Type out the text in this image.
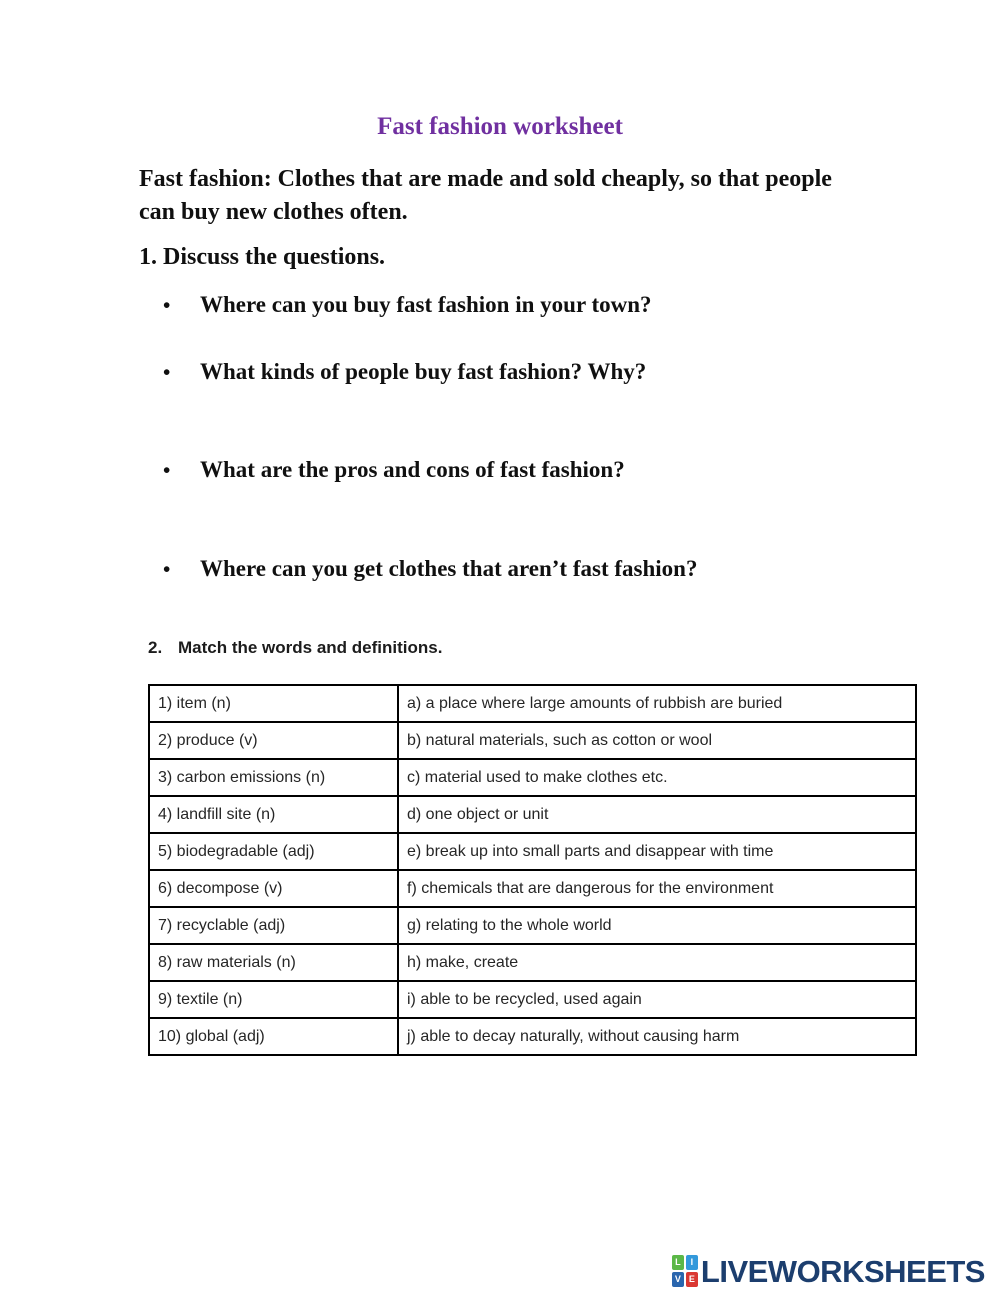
Fast fashion worksheet

Fast fashion: Clothes that are made and sold cheaply, so that people can buy new clothes often.

1. Discuss the questions.
•	Where can you buy fast fashion in your town?
•	What kinds of people buy fast fashion? Why?
•	What are the pros and cons of fast fashion?
•	Where can you get clothes that aren’t fast fashion?
2. Match the words and definitions.
1) item (n)	a) a place where large amounts of rubbish are buried
2) produce (v)	b) natural materials, such as cotton or wool
3) carbon emissions (n)	c) material used to make clothes etc.
4) landfill site (n)	d) one object or unit
5) biodegradable (adj)	e) break up into small parts and disappear with time
6) decompose (v)	f) chemicals that are dangerous for the environment
7) recyclable (adj)	g) relating to the whole world
8) raw materials (n)	h) make, create
9) textile (n)	i) able to be recycled, used again
10) global (adj)	j) able to decay naturally, without causing harm
L	I
V E LIVEWORKSHEETS
